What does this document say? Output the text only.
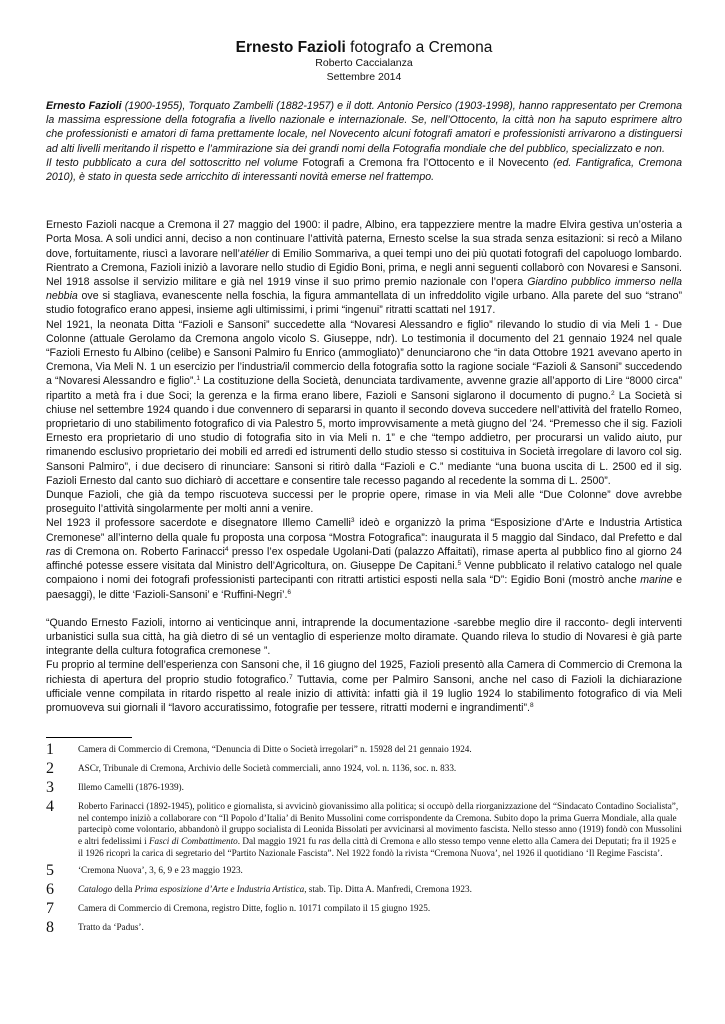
Ernesto Fazioli fotografo a Cremona
Roberto Caccialanza
Settembre 2014

Ernesto Fazioli (1900-1955), Torquato Zambelli (1882-1957) e il dott. Antonio Persico (1903-1998), hanno rappresentato per Cremona la massima espressione della fotografia a livello nazionale e internazionale. Se, nell’Ottocento, la città non ha saputo esprimere altro che professionisti e amatori di fama prettamente locale, nel Novecento alcuni fotografi amatori e professionisti arrivarono a distinguersi ad alti livelli meritando il rispetto e l’ammirazione sia dei grandi nomi della Fotografia mondiale che del pubblico, specializzato e non.

Il testo pubblicato a cura del sottoscritto nel volume Fotografi a Cremona fra l’Ottocento e il Novecento (ed. Fantigrafica, Cremona 2010), è stato in questa sede arricchito di interessanti novità emerse nel frattempo.

Ernesto Fazioli nacque a Cremona il 27 maggio del 1900: il padre, Albino, era tappezziere mentre la madre Elvira gestiva un’osteria a Porta Mosa. A soli undici anni, deciso a non continuare l’attività paterna, Ernesto scelse la sua strada senza esitazioni: si recò a Milano dove, fortuitamente, riuscì a lavorare nell’atélier di Emilio Sommariva, a quei tempi uno dei più quotati fotografi del capoluogo lombardo. Rientrato a Cremona, Fazioli iniziò a lavorare nello studio di Egidio Boni, prima, e negli anni seguenti collaborò con Novaresi e Sansoni. Nel 1918 assolse il servizio militare e già nel 1919 vinse il suo primo premio nazionale con l’opera Giardino pubblico immerso nella nebbia ove si stagliava, evanescente nella foschia, la figura ammantellata di un infreddolito vigile urbano. Alla parete del suo “strano” studio fotografico erano appesi, insieme agli ultimissimi, i primi “ingenui” ritratti scattati nel 1917.

Nel 1921, la neonata Ditta “Fazioli e Sansoni” succedette alla “Novaresi Alessandro e figlio” rilevando lo studio di via Meli 1 - Due Colonne (attuale Gerolamo da Cremona angolo vicolo S. Giuseppe, ndr). Lo testimonia il documento del 21 gennaio 1924 nel quale “Fazioli Ernesto fu Albino (celibe) e Sansoni Palmiro fu Enrico (ammogliato)” denunciarono che “in data Ottobre 1921 avevano aperto in Cremona, Via Meli N. 1 un esercizio per l’industria/il commercio della fotografia sotto la ragione sociale “Fazioli & Sansoni” succedendo a “Novaresi Alessandro e figlio”.$^1$ La costituzione della Società, denunciata tardivamente, avvenne grazie all’apporto di Lire “8000 circa” ripartito a metà fra i due Soci; la gerenza e la firma erano libere, Fazioli e Sansoni siglarono il documento di pugno.$^2$ La Società si chiuse nel settembre 1924 quando i due convennero di separarsi in quanto il secondo doveva succedere nell’attività del fratello Romeo, proprietario di uno stabilimento fotografico di via Palestro 5, morto improvvisamente a metà giugno del ’24. “Premesso che il sig. Fazioli Ernesto era proprietario di uno studio di fotografia sito in via Meli n. 1” e che “tempo addietro, per procurarsi un valido aiuto, pur rimanendo esclusivo proprietario dei mobili ed arredi ed istrumenti dello studio stesso si costituiva in Società irregolare di lavoro col sig. Sansoni Palmiro”, i due decisero di rinunciare: Sansoni si ritirò dalla “Fazioli e C.” mediante “una buona uscita di L. 2500 ed il sig. Fazioli Ernesto dal canto suo dichiarò di accettare e consentire tale recesso pagando al recedente la somma di L. 2500”.

Dunque Fazioli, che già da tempo riscuoteva successi per le proprie opere, rimase in via Meli alle “Due Colonne” dove avrebbe proseguito l’attività singolarmente per molti anni a venire.

Nel 1923 il professore sacerdote e disegnatore Illemo Camelli$^3$ ideò e organizzò la prima “Esposizione d’Arte e Industria Artistica Cremonese” all’interno della quale fu proposta una corposa “Mostra Fotografica”: inaugurata il 5 maggio dal Sindaco, dal Prefetto e dal ras di Cremona on. Roberto Farinacci$^4$ presso l’ex ospedale Ugolani-Dati (palazzo Affaitati), rimase aperta al pubblico fino al giorno 24 affinché potesse essere visitata dal Ministro dell’Agricoltura, on. Giuseppe De Capitani.$^5$ Venne pubblicato il relativo catalogo nel quale compaiono i nomi dei fotografi professionisti partecipanti con ritratti artistici esposti nella sala “D”: Egidio Boni (mostrò anche marine e paesaggi), le ditte ‘Fazioli-Sansoni’ e ‘Ruffini-Negri’.$^6$

“Quando Ernesto Fazioli, intorno ai venticinque anni, intraprende la documentazione -sarebbe meglio dire il racconto- degli interventi urbanistici sulla sua città, ha già dietro di sé un ventaglio di esperienze molto diramate. Quando rileva lo studio di Novaresi è già parte integrante della cultura fotografica cremonese ”.

Fu proprio al termine dell’esperienza con Sansoni che, il 16 giugno del 1925, Fazioli presentò alla Camera di Commercio di Cremona la richiesta di apertura del proprio studio fotografico.$^7$ Tuttavia, come per Palmiro Sansoni, anche nel caso di Fazioli la dichiarazione ufficiale venne compilata in ritardo rispetto al reale inizio di attività: infatti già il 19 luglio 1924 lo stabilimento fotografico di via Meli promuoveva sui giornali il “lavoro accuratissimo, fotografie per tessere, ritratti moderni e ingrandimenti”.$^8$

1	Camera di Commercio di Cremona, “Denuncia di Ditte o Società irregolari” n. 15928 del 21 gennaio 1924.
2	ASCr, Tribunale di Cremona, Archivio delle Società commerciali, anno 1924, vol. n. 1136, soc. n. 833.
3	Illemo Camelli (1876-1939).
4	Roberto Farinacci (1892-1945), politico e giornalista, si avvicinò giovanissimo alla politica; si occupò della riorganizzazione del “Sindacato Contadino Socialista”, nel contempo iniziò a collaborare con “Il Popolo d’Italia’ di Benito Mussolini come corrispondente da Cremona. Subito dopo la prima Guerra Mondiale, alla quale partecipò come volontario, abbandonò il gruppo socialista di Leonida Bissolati per avvicinarsi al movimento fascista. Nello stesso anno (1919) fondò con Mussolini e altri fedelissimi i Fasci di Combattimento. Dal maggio 1921 fu ras della città di Cremona e allo stesso tempo venne eletto alla Camera dei Deputati; fra il 1925 e il 1926 ricoprì la carica di segretario del “Partito Nazionale Fascista”. Nel 1922 fondò la rivista “Cremona Nuova’, nel 1926 il quotidiano ‘Il Regime Fascista’.
5	‘Cremona Nuova’, 3, 6, 9 e 23 maggio 1923.
6	Catalogo della Prima esposizione d’Arte e Industria Artistica, stab. Tip. Ditta A. Manfredi, Cremona 1923.
7	Camera di Commercio di Cremona, registro Ditte, foglio n. 10171 compilato il 15 giugno 1925.
8	Tratto da ‘Padus’.
